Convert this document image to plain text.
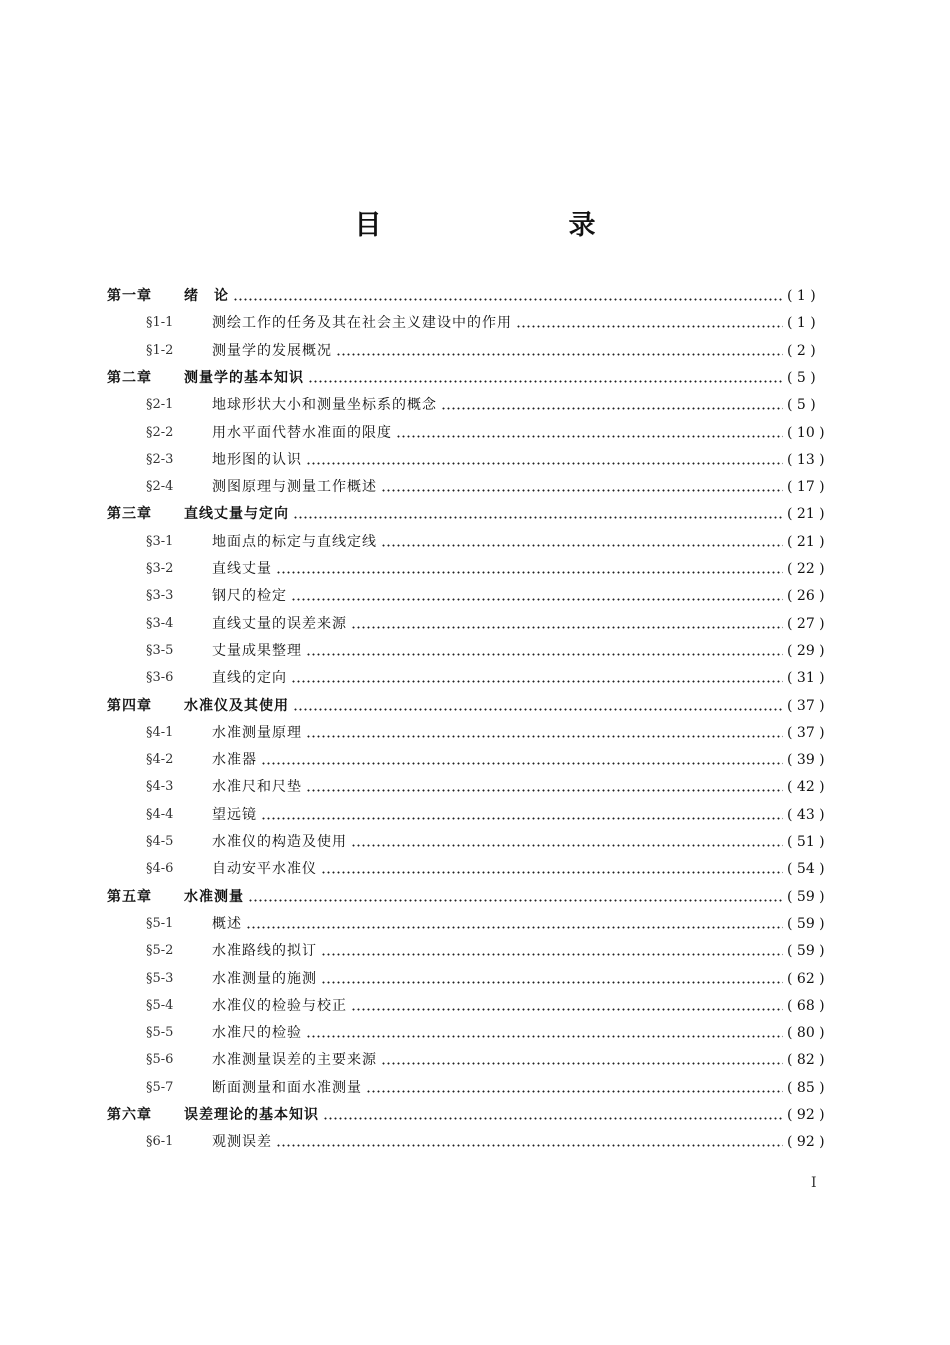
目　录
第一章	绪　论	( 1 )
§1-1	测绘工作的任务及其在社会主义建设中的作用	( 1 )
§1-2	测量学的发展概况	( 2 )
第二章	测量学的基本知识	( 5 )
§2-1	地球形状大小和测量坐标系的概念	( 5 )
§2-2	用水平面代替水准面的限度	( 10 )
§2-3	地形图的认识	( 13 )
§2-4	测图原理与测量工作概述	( 17 )
第三章	直线丈量与定向	( 21 )
§3-1	地面点的标定与直线定线	( 21 )
§3-2	直线丈量	( 22 )
§3-3	钢尺的检定	( 26 )
§3-4	直线丈量的误差来源	( 27 )
§3-5	丈量成果整理	( 29 )
§3-6	直线的定向	( 31 )
第四章	水准仪及其使用	( 37 )
§4-1	水准测量原理	( 37 )
§4-2	水准器	( 39 )
§4-3	水准尺和尺垫	( 42 )
§4-4	望远镜	( 43 )
§4-5	水准仪的构造及使用	( 51 )
§4-6	自动安平水准仪	( 54 )
第五章	水准测量	( 59 )
§5-1	概述	( 59 )
§5-2	水准路线的拟订	( 59 )
§5-3	水准测量的施测	( 62 )
§5-4	水准仪的检验与校正	( 68 )
§5-5	水准尺的检验	( 80 )
§5-6	水准测量误差的主要来源	( 82 )
§5-7	断面测量和面水准测量	( 85 )
第六章	误差理论的基本知识	( 92 )
§6-1	观测误差	( 92 )
I
